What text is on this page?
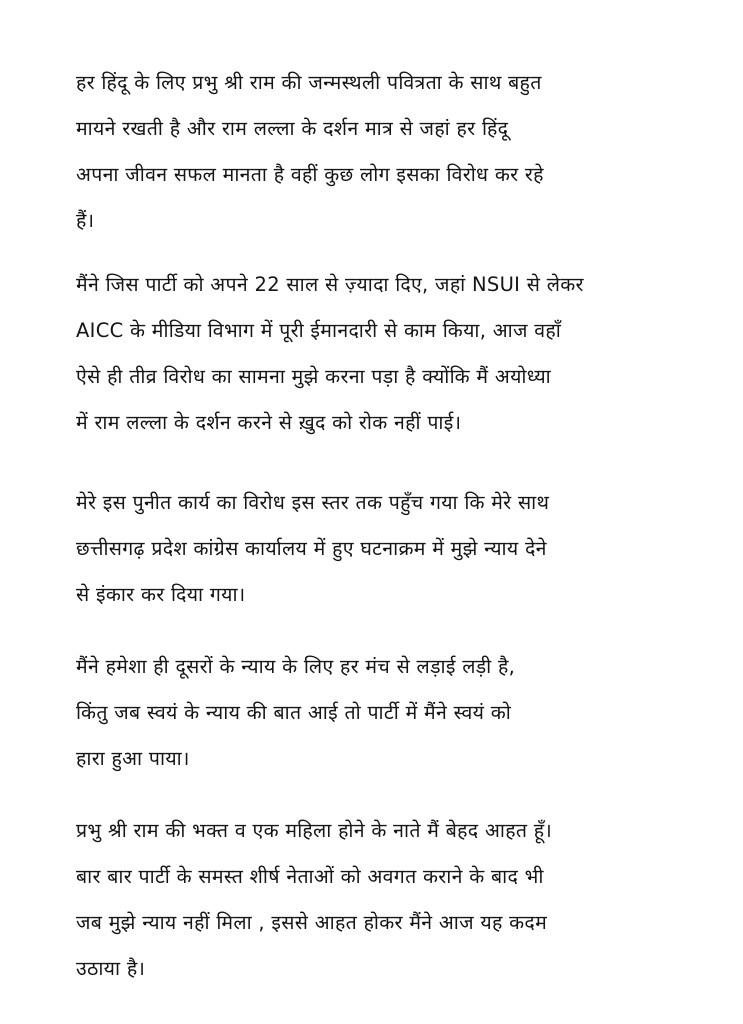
हर हिंदू के लिए प्रभु श्री राम की जन्मस्थली पवित्रता के साथ बहुत
मायने रखती है और राम लल्ला के दर्शन मात्र से जहां हर हिंदू
अपना जीवन सफल मानता है वहीं कुछ लोग इसका विरोध कर रहे
हैं।

मैंने जिस पार्टी को अपने 22 साल से ज़्यादा दिए, जहां NSUI से लेकर
AICC के मीडिया विभाग में पूरी ईमानदारी से काम किया, आज वहाँ
ऐसे ही तीव्र विरोध का सामना मुझे करना पड़ा है क्योंकि मैं अयोध्या
में राम लल्ला के दर्शन करने से ख़ुद को रोक नहीं पाई।

मेरे इस पुनीत कार्य का विरोध इस स्तर तक पहुँच गया कि मेरे साथ
छत्तीसगढ़ प्रदेश कांग्रेस कार्यालय में हुए घटनाक्रम में मुझे न्याय देने
से इंकार कर दिया गया।

मैंने हमेशा ही दूसरों के न्याय के लिए हर मंच से लड़ाई लड़ी है,
किंतु जब स्वयं के न्याय की बात आई तो पार्टी में मैंने स्वयं को
हारा हुआ पाया।

प्रभु श्री राम की भक्त व एक महिला होने के नाते मैं बेहद आहत हूँ।
बार बार पार्टी के समस्त शीर्ष नेताओं को अवगत कराने के बाद भी
जब मुझे न्याय नहीं मिला , इससे आहत होकर मैंने आज यह कदम
उठाया है।
